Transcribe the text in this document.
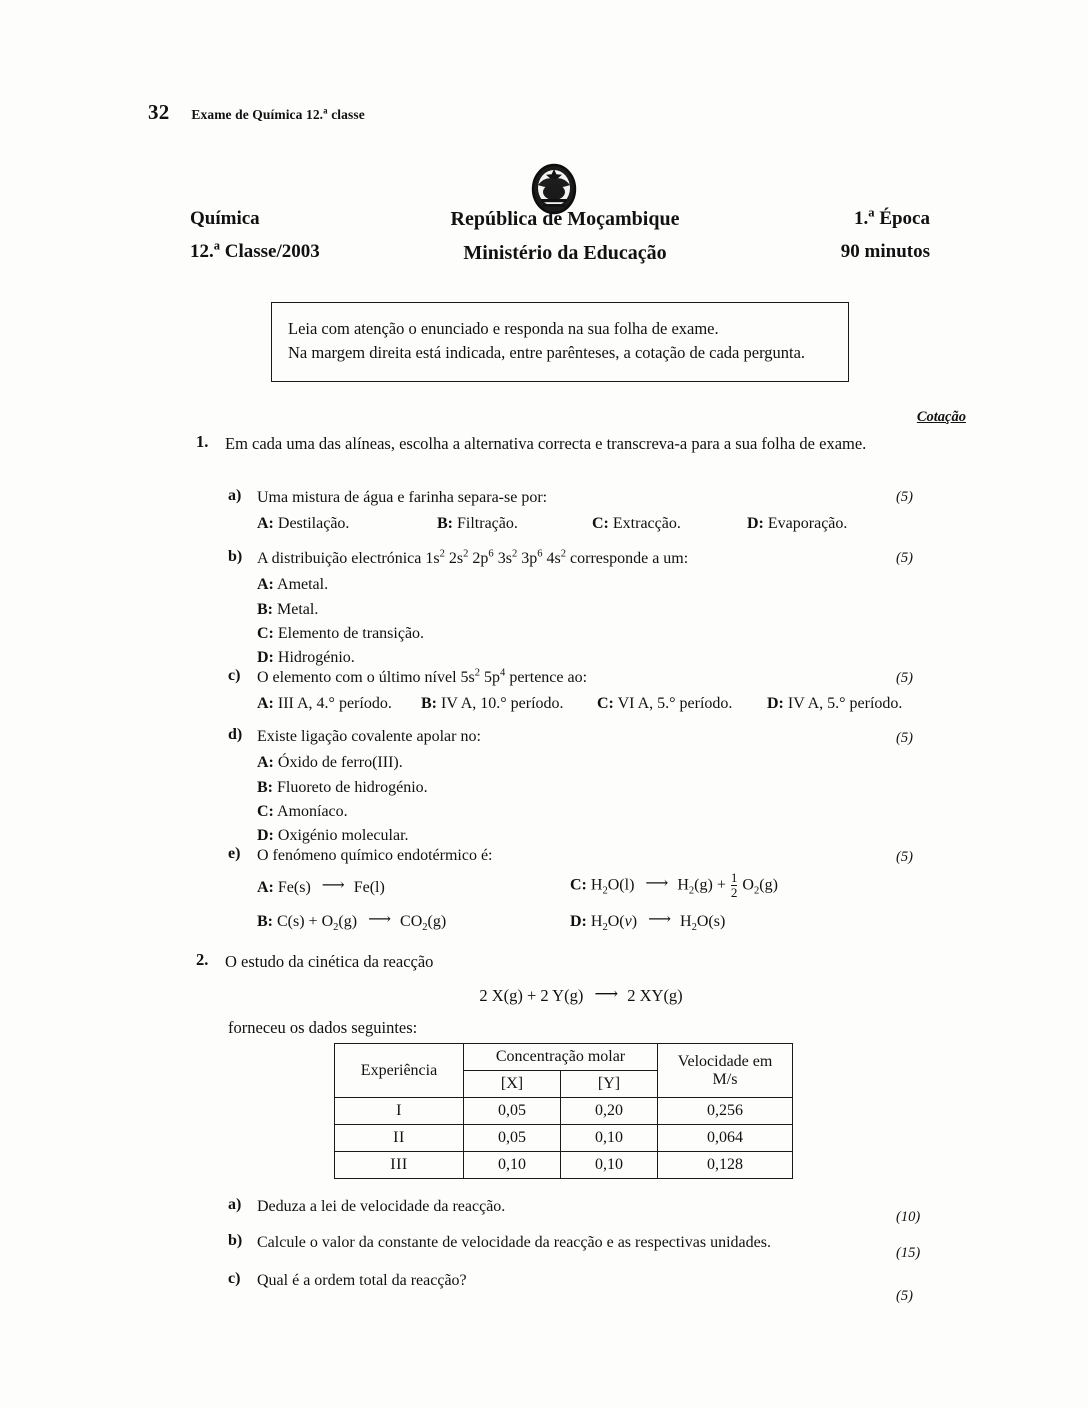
32 Exame de Química 12.$^a$ classe
Química
12.$^a$ Classe/2003
República de Moçambique
Ministério da Educação
1.$^a$ Época
90 minutos

Leia com atenção o enunciado e responda na sua folha de exame.

Na margem direita está indicada, entre parênteses, a cotação de cada pergunta.

Cotação
1.	Em cada uma das alíneas, escolha a alternativa correcta e transcreva-a para a sua folha de exame.
a) Uma mistura de água e farinha separa-se por:
A: Destilação.	B: Filtração.	C: Extracção.	D: Evaporação.
(5)
b) A distribuição electrónica $1s^2$ $2s^2$ $2p^6$ $3s^2$ $3p^6$ $4s^2$ corresponde a um:
A: Ametal.
B: Metal.
C: Elemento de transição.
D: Hidrogénio.
(5)
c)	O elemento com o último nível $5s^2$ $5p^4$ pertence ao:
A: III A, 4.° período.	B: IV A, 10.° período.	C: VI A, 5.° período.	D: IV A, 5.° período.
(5)
d) Existe ligação covalente apolar no:
A: Óxido de ferro(III).
B: Fluoreto de hidrogénio.
C: Amoníaco.
D: Oxigénio molecular.
(5)
e)	O fenómeno químico endotérmico é:
A: Fe(s) ⟶ Fe(l)
B: $C(s) + O_2(g)$ ⟶ $CO_2(g)$
C: $H_2O(l)$ ⟶ $H_2(g) + \frac{1}{2} O_2(g)$
D: $H_2O(v)$ ⟶ $H_2O(s)$
(5)
2.	O estudo da cinética da reacção
2 X(g) + 2 Y(g) ⟶ 2 XY(g)
forneceu os dados seguintes:
Experiência	Concentração molar		Velocidade em
M/s
	[X]	[Y]	
I	0,05	0,20	0,256
II	0,05	0,10	0,064
III	0,10	0,10	0,128
a) Deduza a lei de velocidade da reacção.
(10)
b) Calcule o valor da constante de velocidade da reacção e as respectivas unidades.
(15)
c)	Qual é a ordem total da reacção?
(5)
